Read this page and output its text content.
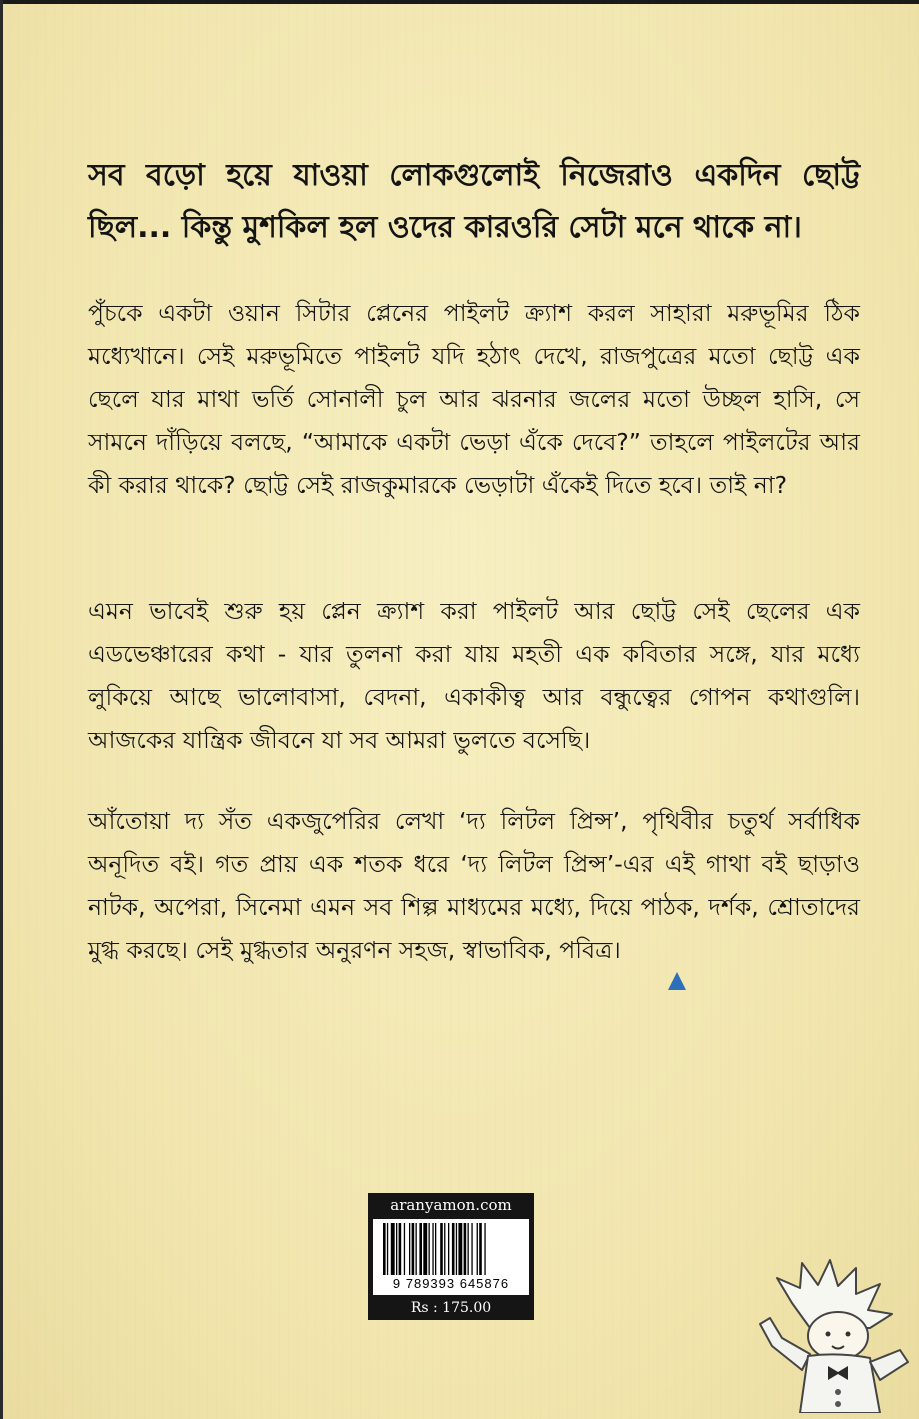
সব বড়ো হয়ে যাওয়া লোকগুলোই নিজেরাও একদিন ছোট্ট ছিল... কিন্তু মুশকিল হল ওদের কারওরি সেটা মনে থাকে না।

পুঁচকে একটা ওয়ান সিটার প্লেনের পাইলট ক্র্যাশ করল সাহারা মরুভূমির ঠিক মধ্যেখানে। সেই মরুভূমিতে পাইলট যদি হঠাৎ দেখে, রাজপুত্রের মতো ছোট্ট এক ছেলে যার মাথা ভর্তি সোনালী চুল আর ঝরনার জলের মতো উচ্ছল হাসি, সে সামনে দাঁড়িয়ে বলছে, “আমাকে একটা ভেড়া এঁকে দেবে?” তাহলে পাইলটের আর কী করার থাকে? ছোট্ট সেই রাজকুমারকে ভেড়াটা এঁকেই দিতে হবে। তাই না?

এমন ভাবেই শুরু হয় প্লেন ক্র্যাশ করা পাইলট আর ছোট্ট সেই ছেলের এক এডভেঞ্চারের কথা - যার তুলনা করা যায় মহতী এক কবিতার সঙ্গে, যার মধ্যে লুকিয়ে আছে ভালোবাসা, বেদনা, একাকীত্ব আর বন্ধুত্বের গোপন কথাগুলি। আজকের যান্ত্রিক জীবনে যা সব আমরা ভুলতে বসেছি।

আঁতোয়া দ্য সঁত একজুপেরির লেখা ‘দ্য লিটল প্রিন্স’, পৃথিবীর চতুর্থ সর্বাধিক অনূদিত বই। গত প্রায় এক শতক ধরে ‘দ্য লিটল প্রিন্স’-এর এই গাথা বই ছাড়াও নাটক, অপেরা, সিনেমা এমন সব শিল্প মাধ্যমের মধ্যে, দিয়ে পাঠক, দর্শক, শ্রোতাদের মুগ্ধ করছে। সেই মুগ্ধতার অনুরণন সহজ, স্বাভাবিক, পবিত্র।

aranyamon.com
9 789393 645876
Rs : 175.00
